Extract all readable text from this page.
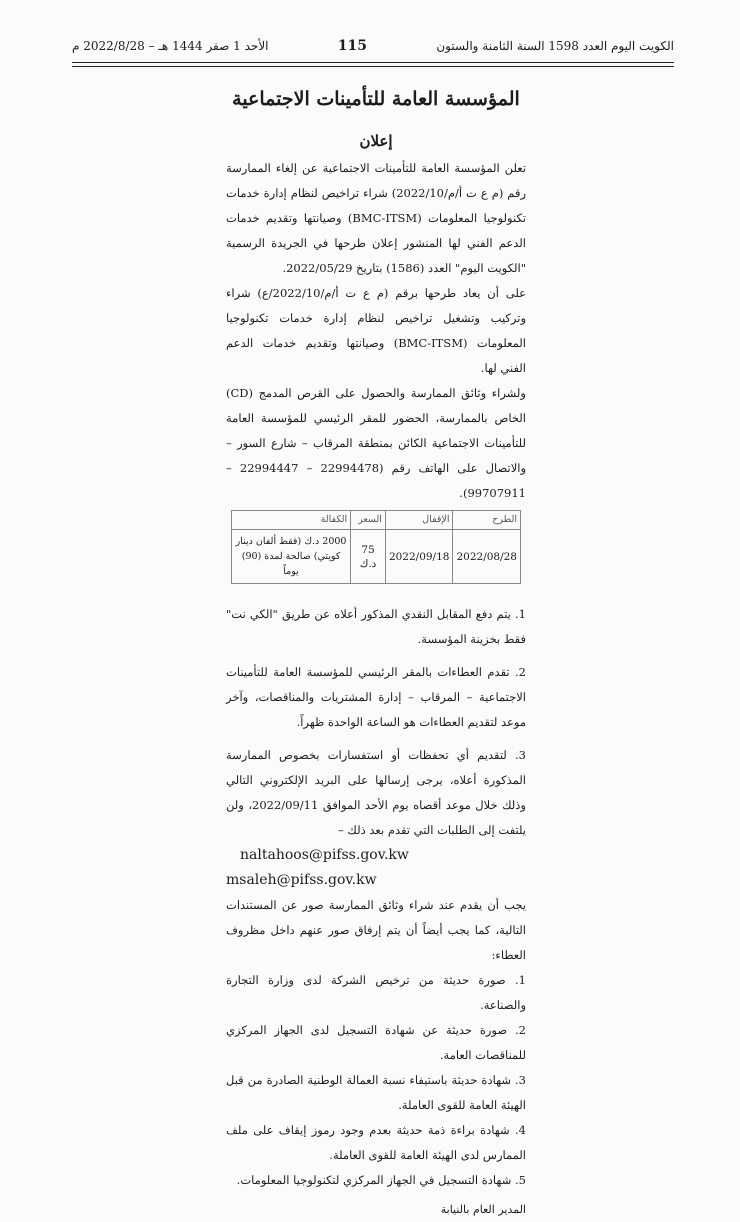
الكويت اليوم العدد 1598 السنة الثامنة والستون
115
الأحد 1 صفر 1444 هـ – 2022/8/28 م
المؤسسة العامة للتأمينات الاجتماعية
إعلان

تعلن المؤسسة العامة للتأمينات الاجتماعية عن إلغاء الممارسة رقم (م ع ت أ/م/2022/10) شراء تراخيص لنظام إدارة خدمات تكنولوجيا المعلومات (BMC-ITSM) وصيانتها وتقديم خدمات الدعم الفني لها المنشور إعلان طرحها في الجريدة الرسمية "الكويت اليوم" العدد (1586) بتاريخ 2022/05/29.

على أن يعاد طرحها برقم (م ع ت أ/م/2022/10/ع) شراء وتركيب وتشغيل تراخيص لنظام إدارة خدمات تكنولوجيا المعلومات (BMC-ITSM) وصيانتها وتقديم خدمات الدعم الفني لها.

ولشراء وثائق الممارسة والحصول على القرص المدمج (CD) الخاص بالممارسة، الحضور للمقر الرئيسي للمؤسسة العامة للتأمينات الاجتماعية الكائن بمنطقة المرقاب – شارع السور – والاتصال على الهاتف رقم (22994478 – 22994447 – 99707911).

الطرح	الإقفال	السعر	الكفالة
2022/08/28	2022/09/18	75 د.ك	2000 د.ك (فقط ألفان دينار كويتي) صالحة لمدة (90) يوماً

1. يتم دفع المقابل النقدي المذكور أعلاه عن طريق "الكي نت" فقط بخزينة المؤسسة.

2. تقدم العطاءات بالمقر الرئيسي للمؤسسة العامة للتأمينات الاجتماعية – المرقاب – إدارة المشتريات والمناقصات، وآخر موعد لتقديم العطاءات هو الساعة الواحدة ظهراً.

3. لتقديم أي تحفظات أو استفسارات بخصوص الممارسة المذكورة أعلاه، يرجى إرسالها على البريد الإلكتروني التالي وذلك خلال موعد أقصاه يوم الأحد الموافق 2022/09/11، ولن يلتفت إلى الطلبات التي تقدم بعد ذلك –

naltahoos@pifss.gov.kw
msaleh@pifss.gov.kw

يجب أن يقدم عند شراء وثائق الممارسة صور عن المستندات التالية، كما يجب أيضاً أن يتم إرفاق صور عنهم داخل مظروف العطاء:

1. صورة حديثة من ترخيص الشركة لدى وزارة التجارة والصناعة.

2. صورة حديثة عن شهادة التسجيل لدى الجهاز المركزي للمناقصات العامة.

3. شهادة حديثة باستيفاء نسبة العمالة الوطنية الصادرة من قبل الهيئة العامة للقوى العاملة.

4. شهادة براءة ذمة حديثة بعدم وجود رموز إيقاف على ملف الممارس لدى الهيئة العامة للقوى العاملة.

5. شهادة التسجيل في الجهاز المركزي لتكنولوجيا المعلومات.

المدير العام بالنيابة
